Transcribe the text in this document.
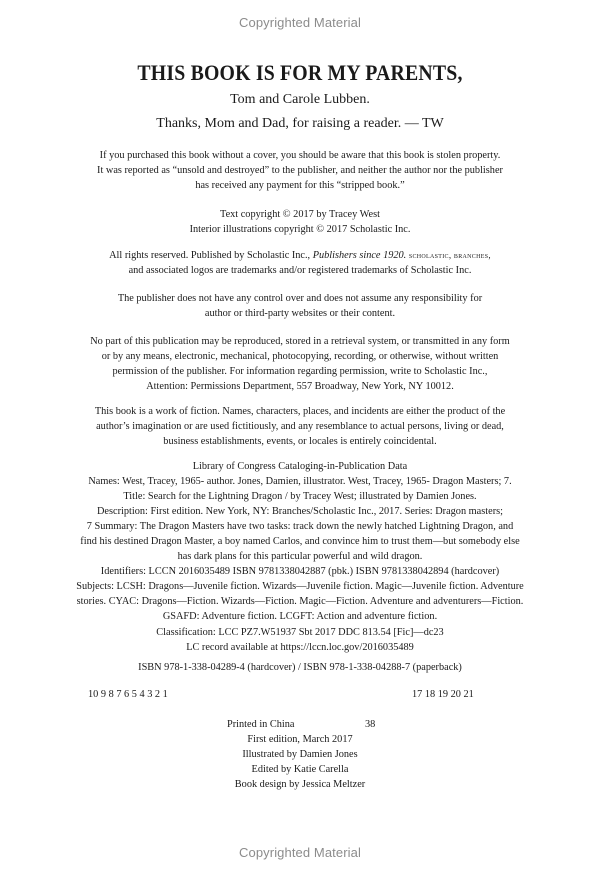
Copyrighted Material
THIS BOOK IS FOR MY PARENTS,
Tom and Carole Lubben.
Thanks, Mom and Dad, for raising a reader. — TW

If you purchased this book without a cover, you should be aware that this book is stolen property.

It was reported as “unsold and destroyed” to the publisher, and neither the author nor the publisher

has received any payment for this “stripped book.”

Text copyright © 2017 by Tracey West

Interior illustrations copyright © 2017 Scholastic Inc.

All rights reserved. Published by Scholastic Inc., Publishers since 1920. scholastic, branches,

and associated logos are trademarks and/or registered trademarks of Scholastic Inc.

The publisher does not have any control over and does not assume any responsibility for

author or third-party websites or their content.

No part of this publication may be reproduced, stored in a retrieval system, or transmitted in any form

or by any means, electronic, mechanical, photocopying, recording, or otherwise, without written

permission of the publisher. For information regarding permission, write to Scholastic Inc.,

Attention: Permissions Department, 557 Broadway, New York, NY 10012.

This book is a work of fiction. Names, characters, places, and incidents are either the product of the

author’s imagination or are used fictitiously, and any resemblance to actual persons, living or dead,

business establishments, events, or locales is entirely coincidental.

Library of Congress Cataloging-in-Publication Data

Names: West, Tracey, 1965- author. Jones, Damien, illustrator. West, Tracey, 1965- Dragon Masters; 7.

Title: Search for the Lightning Dragon / by Tracey West; illustrated by Damien Jones.

Description: First edition. New York, NY: Branches/Scholastic Inc., 2017. Series: Dragon masters;

7 Summary: The Dragon Masters have two tasks: track down the newly hatched Lightning Dragon, and

find his destined Dragon Master, a boy named Carlos, and convince him to trust them—but somebody else

has dark plans for this particular powerful and wild dragon.

Identifiers: LCCN 2016035489 ISBN 9781338042887 (pbk.) ISBN 9781338042894 (hardcover)

Subjects: LCSH: Dragons—Juvenile fiction. Wizards—Juvenile fiction. Magic—Juvenile fiction. Adventure

stories. CYAC: Dragons—Fiction. Wizards—Fiction. Magic—Fiction. Adventure and adventurers—Fiction.

GSAFD: Adventure fiction. LCGFT: Action and adventure fiction.

Classification: LCC PZ7.W51937 Sbt 2017 DDC 813.54 [Fic]—dc23

LC record available at https://lccn.loc.gov/2016035489

ISBN 978-1-338-04289-4 (hardcover) / ISBN 978-1-338-04288-7 (paperback)

10 9 8 7 6 5 4 3 2 1	17 18 19 20 21
Printed in China	38

First edition, March 2017

Illustrated by Damien Jones

Edited by Katie Carella

Book design by Jessica Meltzer

Copyrighted Material
